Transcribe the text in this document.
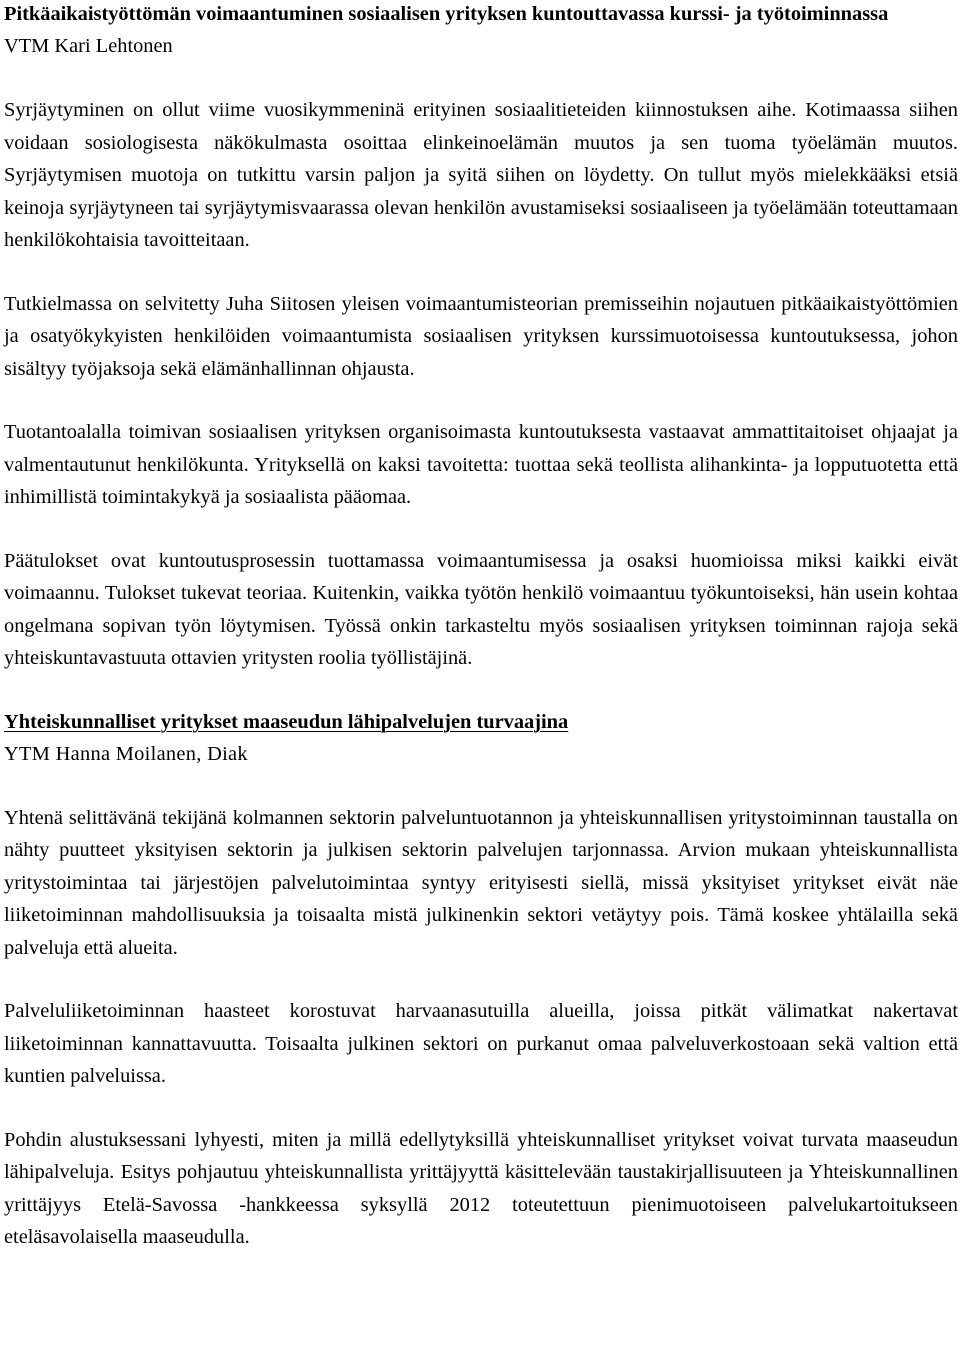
Pitkäaikaistyöttömän voimaantuminen sosiaalisen yrityksen kuntouttavassa kurssi- ja työtoiminnassa

VTM Kari Lehtonen

Syrjäytyminen on ollut viime vuosikymmeninä erityinen sosiaalitieteiden kiinnostuksen aihe. Kotimaassa siihen voidaan sosiologisesta näkökulmasta osoittaa elinkeinoelämän muutos ja sen tuoma työelämän muutos. Syrjäytymisen muotoja on tutkittu varsin paljon ja syitä siihen on löydetty. On tullut myös mielekkääksi etsiä keinoja syrjäytyneen tai syrjäytymisvaarassa olevan henkilön avustamiseksi sosiaaliseen ja työelämään toteuttamaan henkilökohtaisia tavoitteitaan.

Tutkielmassa on selvitetty Juha Siitosen yleisen voimaantumisteorian premisseihin nojautuen pitkäaikaistyöttömien ja osatyökykyisten henkilöiden voimaantumista sosiaalisen yrityksen kurssimuotoisessa kuntoutuksessa, johon sisältyy työjaksoja sekä elämänhallinnan ohjausta.

Tuotantoalalla toimivan sosiaalisen yrityksen organisoimasta kuntoutuksesta vastaavat ammattitaitoiset ohjaajat ja valmentautunut henkilökunta. Yrityksellä on kaksi tavoitetta: tuottaa sekä teollista alihankinta- ja lopputuotetta että inhimillistä toimintakykyä ja sosiaalista pääomaa.

Päätulokset ovat kuntoutusprosessin tuottamassa voimaantumisessa ja osaksi huomioissa miksi kaikki eivät voimaannu. Tulokset tukevat teoriaa. Kuitenkin, vaikka työtön henkilö voimaantuu työkuntoiseksi, hän usein kohtaa ongelmana sopivan työn löytymisen. Työssä onkin tarkasteltu myös sosiaalisen yrityksen toiminnan rajoja sekä yhteiskuntavastuuta ottavien yritysten roolia työllistäjinä.

Yhteiskunnalliset yritykset maaseudun lähipalvelujen turvaajina

YTM Hanna Moilanen, Diak

Yhtenä selittävänä tekijänä kolmannen sektorin palveluntuotannon ja yhteiskunnallisen yritystoiminnan taustalla on nähty puutteet yksityisen sektorin ja julkisen sektorin palvelujen tarjonnassa. Arvion mukaan yhteiskunnallista yritystoimintaa tai järjestöjen palvelutoimintaa syntyy erityisesti siellä, missä yksityiset yritykset eivät näe liiketoiminnan mahdollisuuksia ja toisaalta mistä julkinenkin sektori vetäytyy pois. Tämä koskee yhtälailla sekä palveluja että alueita.

Palveluliiketoiminnan haasteet korostuvat harvaanasutuilla alueilla, joissa pitkät välimatkat nakertavat liiketoiminnan kannattavuutta. Toisaalta julkinen sektori on purkanut omaa palveluverkostoaan sekä valtion että kuntien palveluissa.

Pohdin alustuksessani lyhyesti, miten ja millä edellytyksillä yhteiskunnalliset yritykset voivat turvata maaseudun lähipalveluja. Esitys pohjautuu yhteiskunnallista yrittäjyyttä käsittelevään taustakirjallisuuteen ja Yhteiskunnallinen yrittäjyys Etelä-Savossa -hankkeessa syksyllä 2012 toteutettuun pienimuotoiseen palvelukartoitukseen eteläsavolaisella maaseudulla.
